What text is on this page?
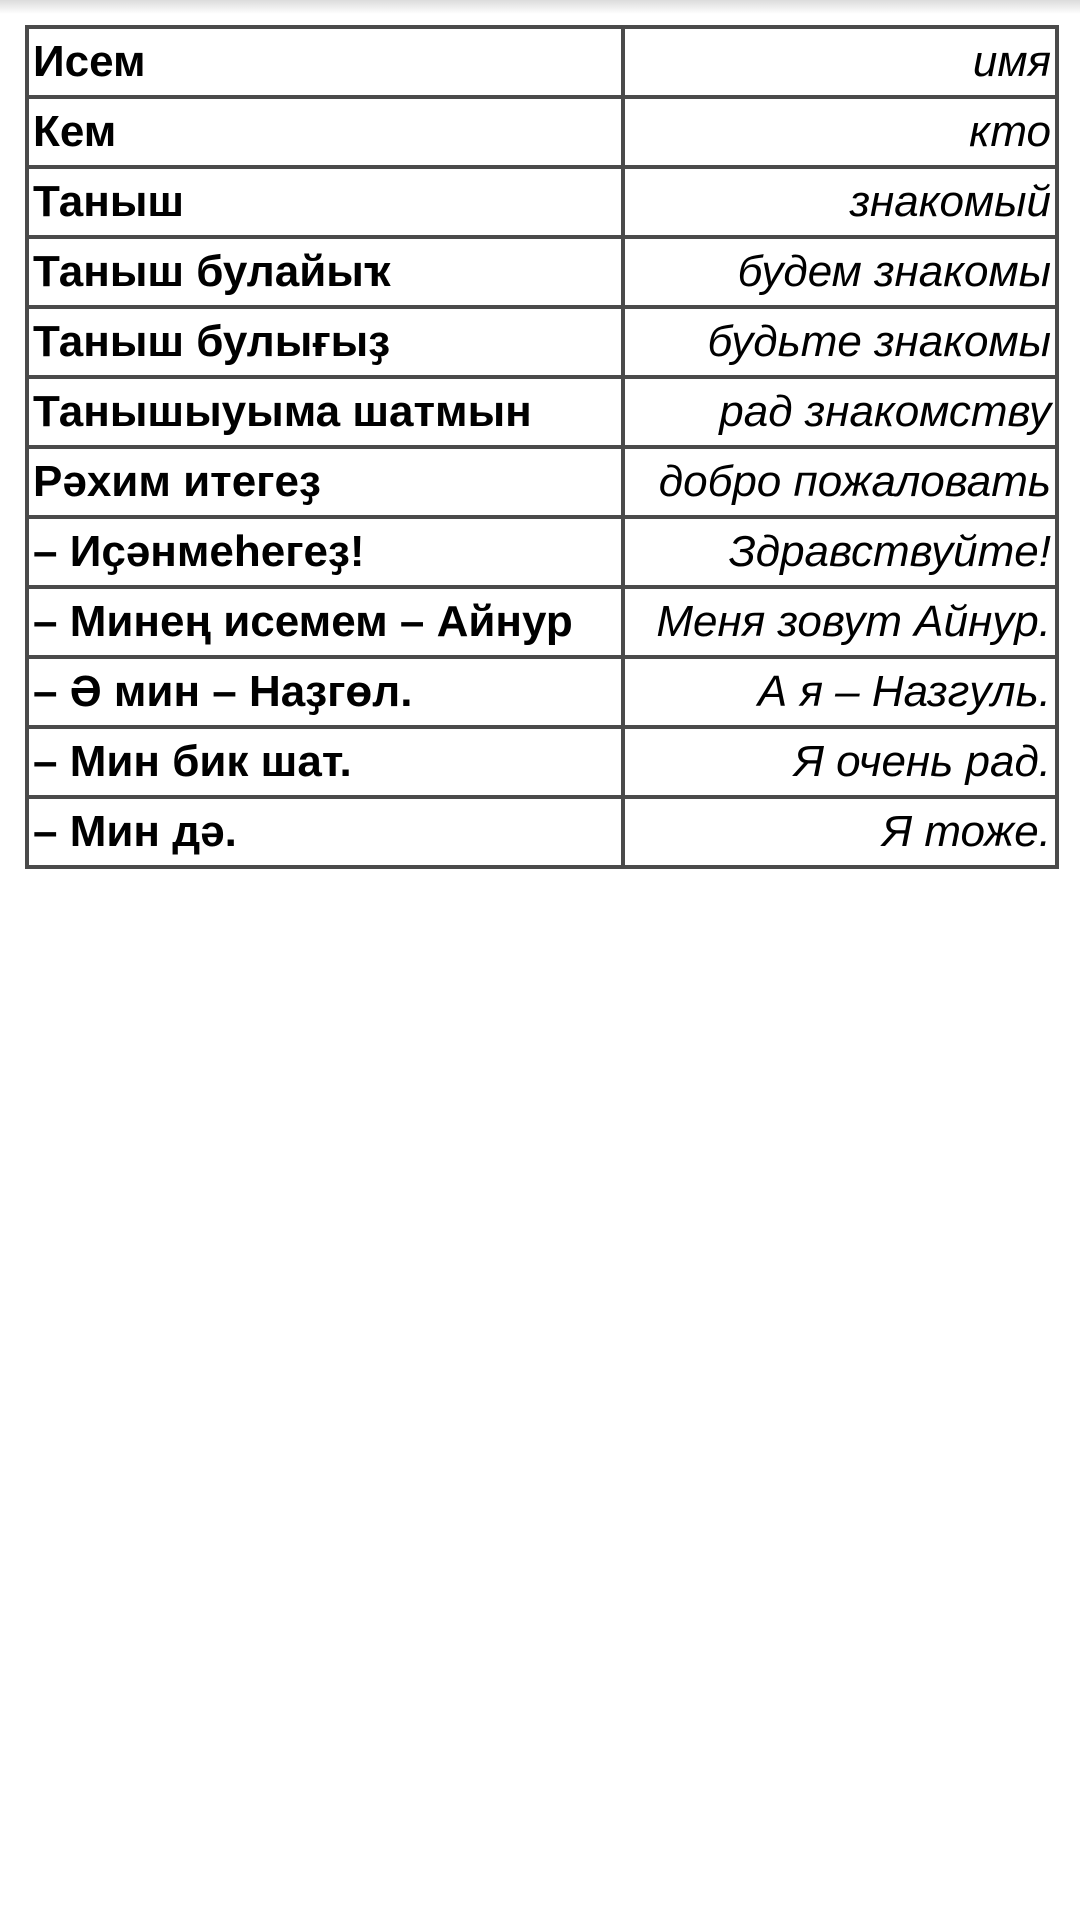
Исем	имя
Кем	кто
Таныш	знакомый
Таныш булайыҡ	будем знакомы
Таныш булығыҙ	будьте знакомы
Танышыуыма шатмын	рад знакомству
Рәхим итегеҙ	добро пожаловать
– Иҫәнмеһегеҙ!	Здравствуйте!
– Минең исемем – Айнур	Меня зовут Айнур.
– Ә мин – Наҙгөл.	А я – Назгуль.
– Мин бик шат.	Я очень рад.
– Мин дә.	Я тоже.
